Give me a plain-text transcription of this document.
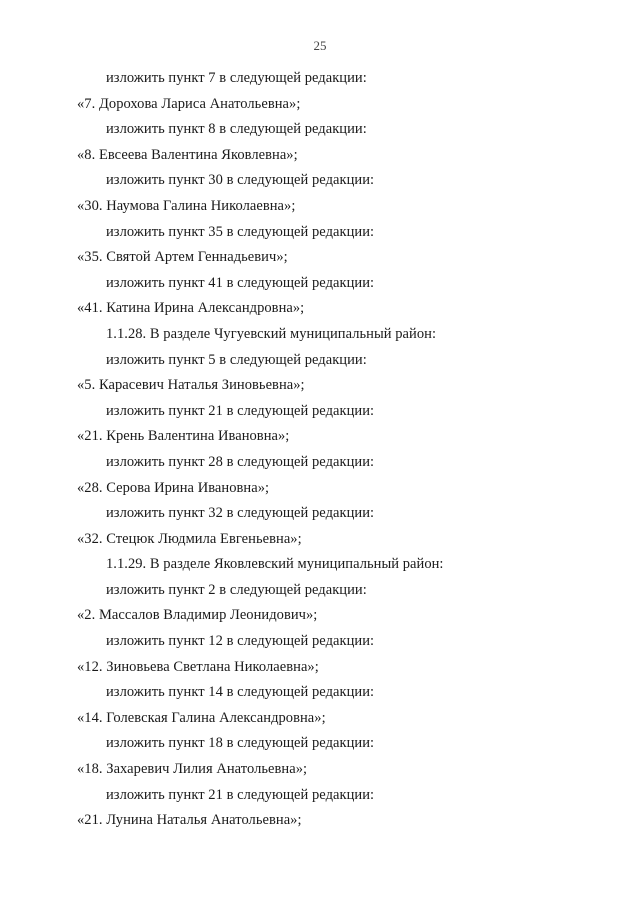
25
изложить пункт 7 в следующей редакции:
«7. Дорохова Лариса Анатольевна»;
изложить пункт 8 в следующей редакции:
«8. Евсеева Валентина Яковлевна»;
изложить пункт 30 в следующей редакции:
«30. Наумова Галина Николаевна»;
изложить пункт 35 в следующей редакции:
«35. Святой Артем Геннадьевич»;
изложить пункт 41 в следующей редакции:
«41. Катина Ирина Александровна»;
1.1.28. В разделе Чугуевский муниципальный район:
изложить пункт 5 в следующей редакции:
«5. Карасевич Наталья Зиновьевна»;
изложить пункт 21 в следующей редакции:
«21. Крень Валентина Ивановна»;
изложить пункт 28 в следующей редакции:
«28. Серова Ирина Ивановна»;
изложить пункт 32 в следующей редакции:
«32. Стецюк Людмила Евгеньевна»;
1.1.29. В разделе Яковлевский муниципальный район:
изложить пункт 2 в следующей редакции:
«2. Массалов Владимир Леонидович»;
изложить пункт 12 в следующей редакции:
«12. Зиновьева Светлана Николаевна»;
изложить пункт 14 в следующей редакции:
«14. Голевская Галина Александровна»;
изложить пункт 18 в следующей редакции:
«18. Захаревич Лилия Анатольевна»;
изложить пункт 21 в следующей редакции:
«21. Лунина Наталья Анатольевна»;
